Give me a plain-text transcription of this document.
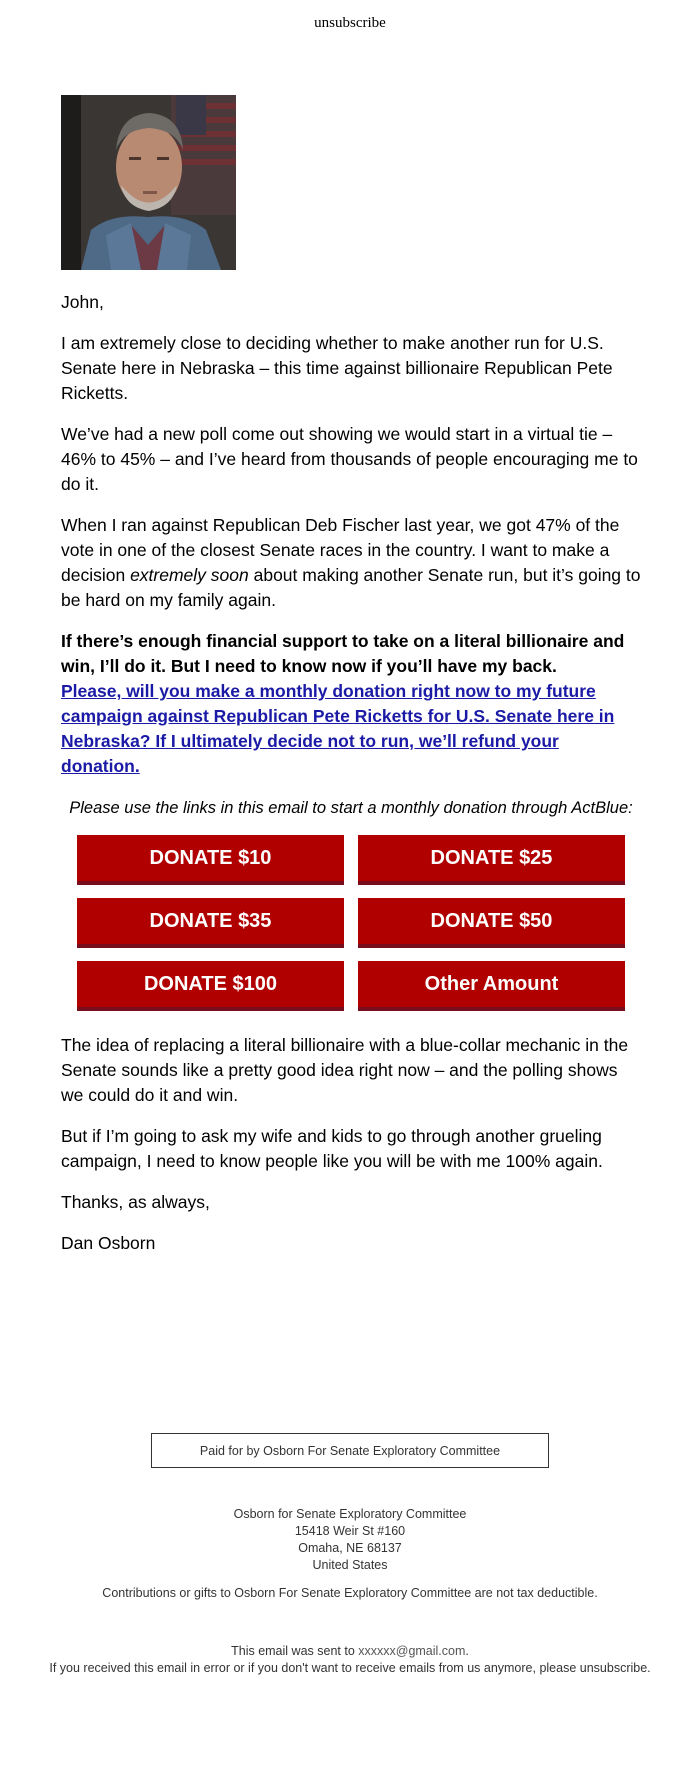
unsubscribe

John,

I am extremely close to deciding whether to make another run for U.S. Senate here in Nebraska – this time against billionaire Republican Pete Ricketts.

We’ve had a new poll come out showing we would start in a virtual tie – 46% to 45% – and I’ve heard from thousands of people encouraging me to do it.

When I ran against Republican Deb Fischer last year, we got 47% of the vote in one of the closest Senate races in the country. I want to make a decision extremely soon about making another Senate run, but it’s going to be hard on my family again.

If there’s enough financial support to take on a literal billionaire and win, I’ll do it. But I need to know now if you’ll have my back.
Please, will you make a monthly donation right now to my future campaign against Republican Pete Ricketts for U.S. Senate here in Nebraska? If I ultimately decide not to run, we’ll refund your donation.

Please use the links in this email to start a monthly donation through ActBlue:
DONATE $10	DONATE $25
DONATE $35	DONATE $50
DONATE $100	Other Amount

The idea of replacing a literal billionaire with a blue-collar mechanic in the Senate sounds like a pretty good idea right now – and the polling shows we could do it and win.

But if I’m going to ask my wife and kids to go through another grueling campaign, I need to know people like you will be with me 100% again.

Thanks, as always,

Dan Osborn

Paid for by Osborn For Senate Exploratory Committee
Osborn for Senate Exploratory Committee
15418 Weir St #160
Omaha, NE 68137
United States
Contributions or gifts to Osborn For Senate Exploratory Committee are not tax deductible.
This email was sent to xxxxxx@gmail.com.
If you received this email in error or if you don't want to receive emails from us anymore, please unsubscribe.
